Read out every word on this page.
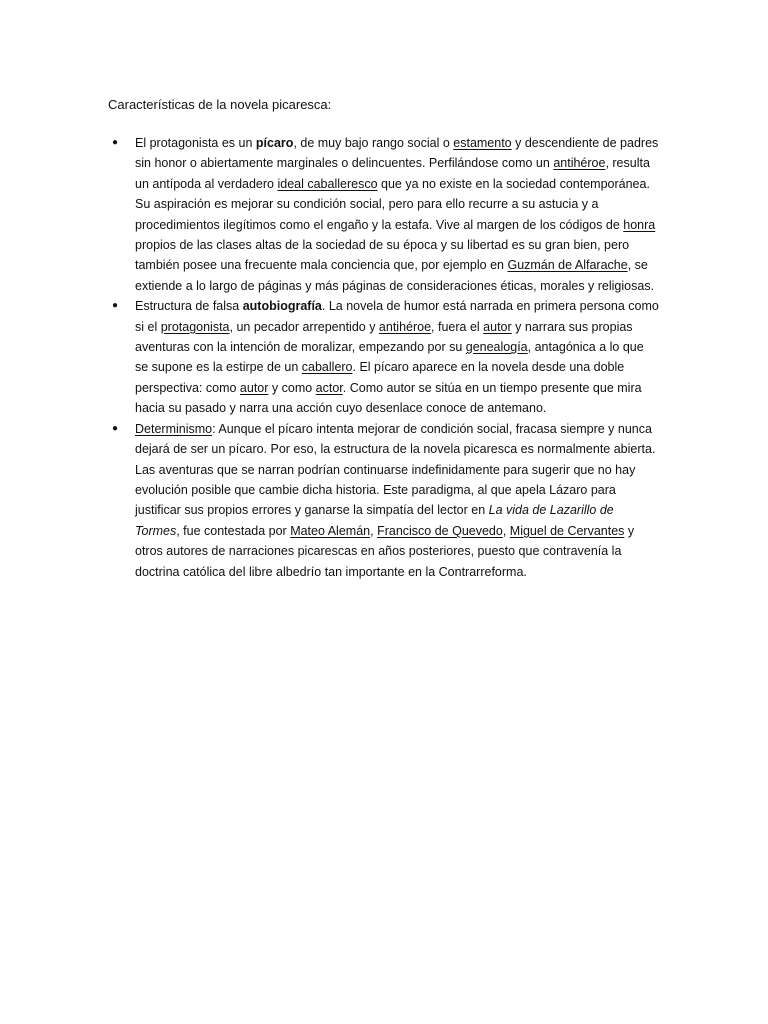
Características de la novela picaresca:

● El protagonista es un pícaro, de muy bajo rango social o estamento y descendiente de padres sin honor o abiertamente marginales o delincuentes. Perfilándose como un antihéroe, resulta un antípoda al verdadero ideal caballeresco que ya no existe en la sociedad contemporánea. Su aspiración es mejorar su condición social, pero para ello recurre a su astucia y a procedimientos ilegítimos como el engaño y la estafa. Vive al margen de los códigos de honra propios de las clases altas de la sociedad de su época y su libertad es su gran bien, pero también posee una frecuente mala conciencia que, por ejemplo en Guzmán de Alfarache, se extiende a lo largo de páginas y más páginas de consideraciones éticas, morales y religiosas.
● Estructura de falsa autobiografía. La novela de humor está narrada en primera persona como si el protagonista, un pecador arrepentido y antihéroe, fuera el autor y narrara sus propias aventuras con la intención de moralizar, empezando por su genealogía, antagónica a lo que se supone es la estirpe de un caballero. El pícaro aparece en la novela desde una doble perspectiva: como autor y como actor. Como autor se sitúa en un tiempo presente que mira hacia su pasado y narra una acción cuyo desenlace conoce de antemano.
● Determinismo: Aunque el pícaro intenta mejorar de condición social, fracasa siempre y nunca dejará de ser un pícaro. Por eso, la estructura de la novela picaresca es normalmente abierta. Las aventuras que se narran podrían continuarse indefinidamente para sugerir que no hay evolución posible que cambie dicha historia. Este paradigma, al que apela Lázaro para justificar sus propios errores y ganarse la simpatía del lector en La vida de Lazarillo de Tormes, fue contestada por Mateo Alemán, Francisco de Quevedo, Miguel de Cervantes y otros autores de narraciones picarescas en años posteriores, puesto que contravenía la doctrina católica del libre albedrío tan importante en la Contrarreforma.
